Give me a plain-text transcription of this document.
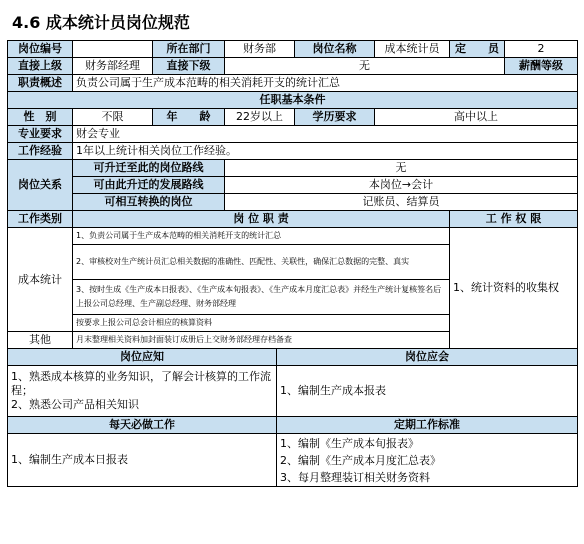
4.6 成本统计员岗位规范
岗位编号		所在部门	财务部		岗位名称	成本统计员	定　　员	2
直接上级	财务部经理	直接下级	无					薪酬等级
职责概述	负责公司属于生产成本范畴的相关消耗开支的统计汇总							
任职基本条件								
性　别	不限	年　　龄	22岁以上		学历要求	高中以上		
专业要求	财会专业							
工作经验	1年以上统计相关岗位工作经验。							
岗位关系	可升迁至此的岗位路线		无					
	可由此升迁的发展路线		本岗位→会计					
	可相互转换的岗位		记账员、结算员					
工作类别	岗 位 职 责						工 作 权 限	
成本统计	1、负责公司属于生产成本范畴的相关消耗开支的统计汇总						1、统计资料的收集权	
	2、审核校对生产统计员汇总相关数据的准确性、匹配性、关联性，确保汇总数据的完整、真实							
	3、按时生成《生产成本日报表》、《生产成本旬报表》、《生产成本月度汇总表》并经生产统计复核签名后上报公司总经理、生产副总经理、财务部经理							
	按要求上报公司总会计相应的核算资料							
其他	月末整理相关资料加封面装订成册后上交财务部经理存档备查							
岗位应知				岗位应会				
1、熟悉成本核算的业务知识，了解会计核算的工作流程；
2、熟悉公司产品相关知识				1、编制生产成本报表				
每天必做工作				定期工作标准				
1、编制生产成本日报表				1、编制《生产成本旬报表》
2、编制《生产成本月度汇总表》
3、每月整理装订相关财务资料				
